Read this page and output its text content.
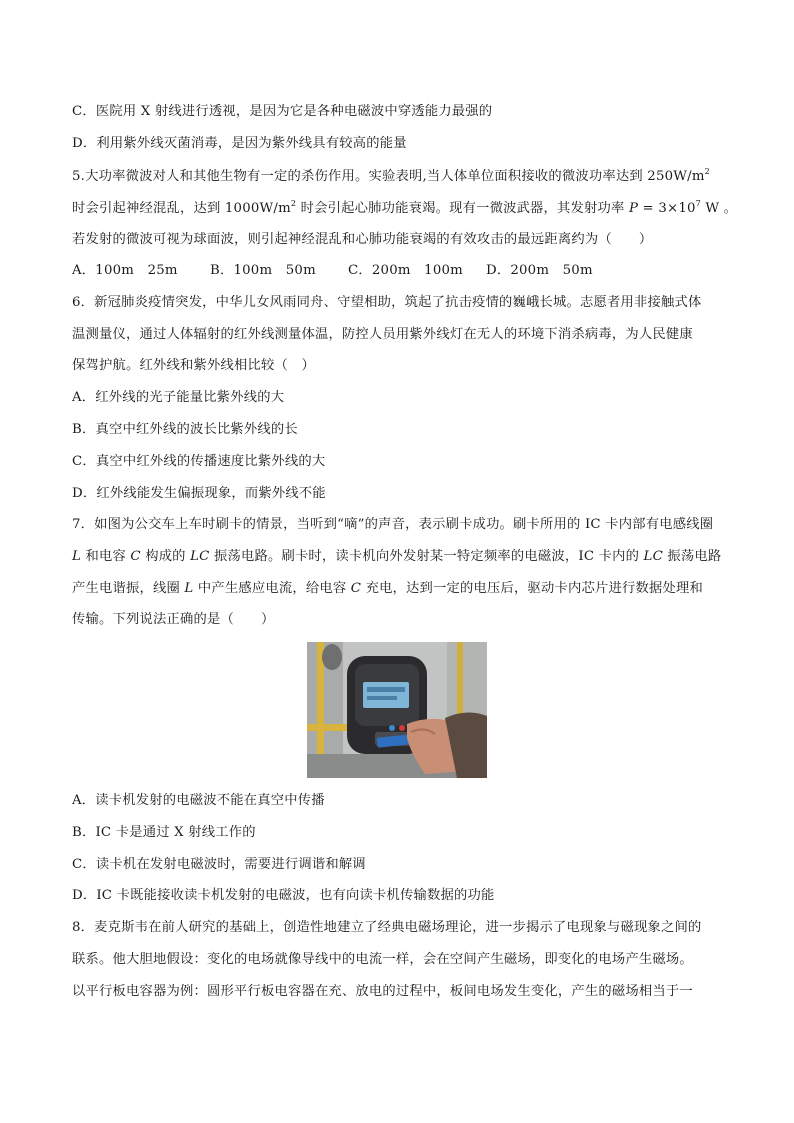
C．医院用 X 射线进行透视，是因为它是各种电磁波中穿透能力最强的
D．利用紫外线灭菌消毒，是因为紫外线具有较高的能量
5.大功率微波对人和其他生物有一定的杀伤作用。实验表明,当人体单位面积接收的微波功率达到 $250W/m^2$
时会引起神经混乱，达到 $1000W/m^2$ 时会引起心肺功能衰竭。现有一微波武器，其发射功率 $P = 3\times 10^7$ W 。
若发射的微波可视为球面波，则引起神经混乱和心肺功能衰竭的有效攻击的最远距离约为（　　）
A．100m　25m B．100m　50m C．200m　100m D．200m　50m
6．新冠肺炎疫情突发，中华儿女风雨同舟、守望相助，筑起了抗击疫情的巍峨长城。志愿者用非接触式体
温测量仪，通过人体辐射的红外线测量体温，防控人员用紫外线灯在无人的环境下消杀病毒，为人民健康
保驾护航。红外线和紫外线相比较（　）
A．红外线的光子能量比紫外线的大
B．真空中红外线的波长比紫外线的长
C．真空中红外线的传播速度比紫外线的大
D．红外线能发生偏振现象，而紫外线不能
7．如图为公交车上车时刷卡的情景，当听到“嘀”的声音，表示刷卡成功。刷卡所用的 IC 卡内部有电感线圈
L 和电容 C 构成的 LC 振荡电路。刷卡时，读卡机向外发射某一特定频率的电磁波，IC 卡内的 LC 振荡电路
产生电谐振，线圈 L 中产生感应电流，给电容 C 充电，达到一定的电压后，驱动卡内芯片进行数据处理和
传输。下列说法正确的是（　　）
A．读卡机发射的电磁波不能在真空中传播
B．IC 卡是通过 X 射线工作的
C．读卡机在发射电磁波时，需要进行调谐和解调
D．IC 卡既能接收读卡机发射的电磁波，也有向读卡机传输数据的功能
8．麦克斯韦在前人研究的基础上，创造性地建立了经典电磁场理论，进一步揭示了电现象与磁现象之间的
联系。他大胆地假设：变化的电场就像导线中的电流一样，会在空间产生磁场，即变化的电场产生磁场。
以平行板电容器为例：圆形平行板电容器在充、放电的过程中，板间电场发生变化，产生的磁场相当于一
